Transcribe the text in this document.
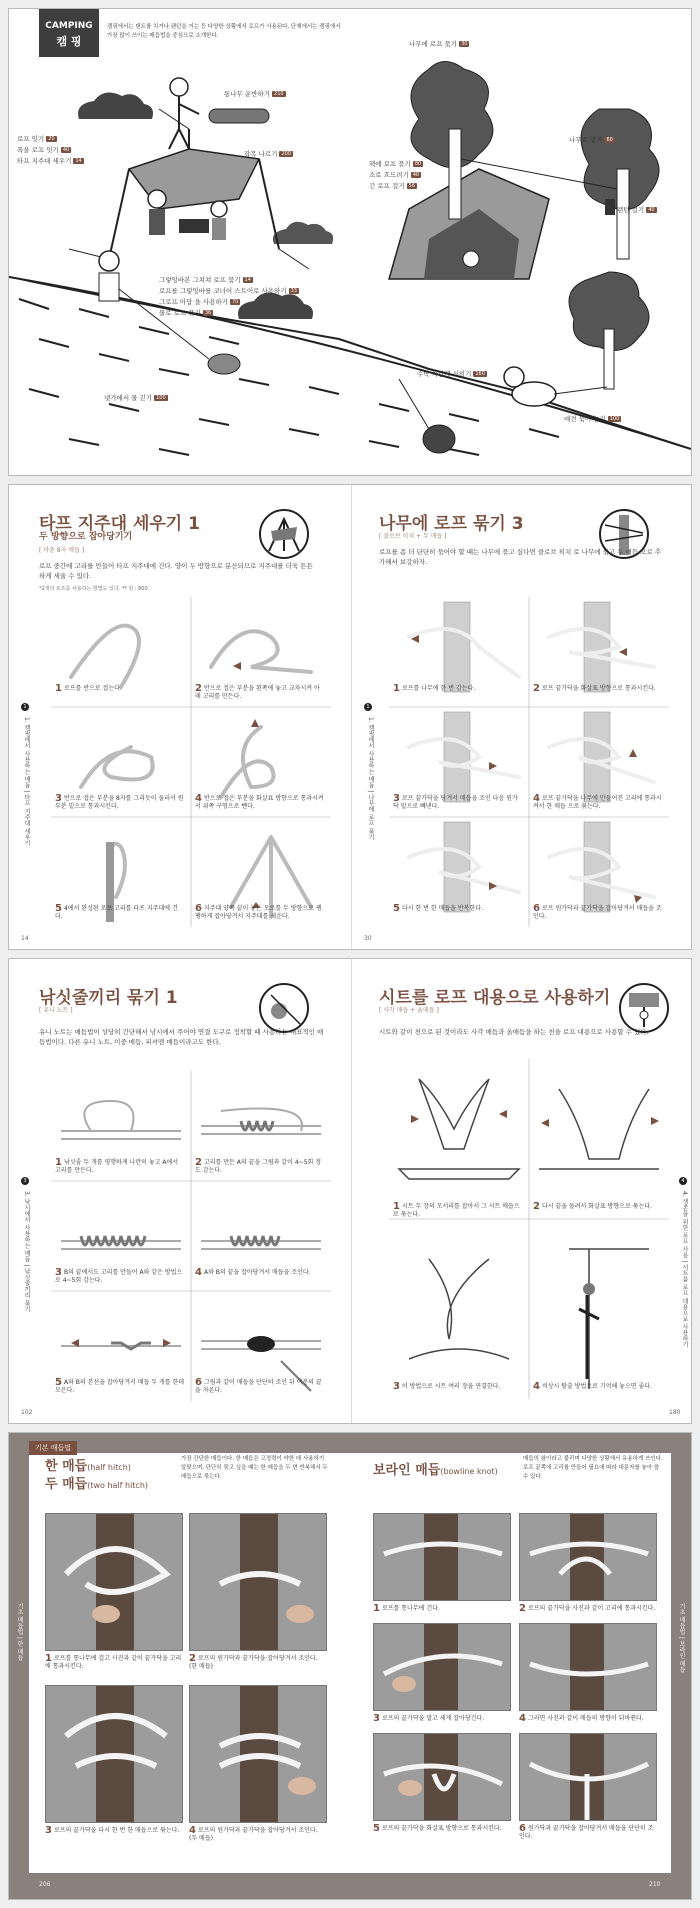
CAMPING
캠 핑
캠핑에서는 텐트를 치거나 랜턴을 거는 등 다양한 상황에서 로프가 사용된다. 단체에서는 캠핑에서 가장 많이 쓰이는 매듭법을 중심으로 소개한다.
통나무 운반하기 210
잡목 나르기 200
로프 잇기 20
폭을 로프 잇기 40
타프 지주대 세우기 14
그렇잉바본 그쳐쳐 로프 묶기 14
로프를 그렇잉바를 코너어 스트어로 사용하기 33
그로프 아답 을 사용하기 70
물로 로프 묶기 36
냇가에서 물 긷기 100
나무에 로프 묶기 30
나무로 묶기 60
팩에 로프 묶기 80
소로 흐드려기 40
긴 로프 걸기 56
랜턴 걸기 40
수박 차갑게 식히기 160
애견 묶어 놓기 100
타프 지주대 세우기 1
두 방향으로 잡아당기기
[ 마중 8자 매듭 ]
로프 중간에 고리를 만들어 타프 지주대에 건다. 양이 두 방향으로 분산되므로 지주대를 더욱 튼튼하게 세울 수 있다.
*2개의 로프를 사용하는 방법도 있다. ** 원 : 800.
1
1. 캠핑에서 사용하는 매듭 | 타프 지주대 세우기
1 로프를 반으로 접는다.	2 반으로 접은 부분을 왼쪽에 놓고 교차시켜 아래 고리를 만든다.
3 반으로 접은 부분을 8자를 그리듯이 둘러서 원 부분 밑으로 통과시킨다.
4 반으로 접은 부분을 화살표 방향으로 통과시켜서 위쪽 구멍으로 뺀다.
5 4에서 완성된 로프 고리를 타프 지주대에 건다.
6 지주대 양쪽 끝이 놓은 모로를 두 방향으로 팽팽하게 잡아당겨서 지주대를 세운다.
14
나무에 로프 묶기 3
[ 클로브 히치 + 두 매듭 ]
로프를 좀 더 단단히 묶어야 할 때는 나무에 묶고 싶다면 클로브 히치 로 나무에 묶고 두 매듭 으로 추가해서 보강하자.
1
1. 캠핑에서 사용하는 매듭 | 나무에 로프 묶기
1 로프를 나무에 한 번 감는다.	2 로프 끝가닥을 화살표 방향으로 통과시킨다.
3 로프 끝가닥을 당겨서 매듭을 조인 다음 원가닥 밑으로 빼낸다.
4 로프 끝가닥을 나무에 만들어진 고리에 통과시켜서 한 매듭 으로 묶는다.
5 다시 한 번 한 매듭을 반복한다.	6 로프 원가닥과 끝가닥을 잡아당겨서 매듭을 조인다.
30
낚싯줄끼리 묶기 1
[ 유니 노트 ]
유니 노트는 매듭법이 상당히 간단해서 낚시에서 주어야 연결 도구로 정착할 때 사용하는 대표적인 매듭법이다. 다른 유니 노트, 이중 매듭, 피셔맨 매듭이라고도 한다.
3
3. 낚시에서 사용하는 매듭 | 낚싯줄끼리 묶기
1 낚싯줄 두 개를 평행하게 나란히 놓고 A에서 고리를 만든다.
2 고리를 만든 A의 끝을 그림과 같이 4~5회 정도 감는다.
3 B의 끝에서도 고리를 만들어 A와 같은 방법으로 4~5회 감는다.
4 A와 B의 끝을 잡아당겨서 매듭을 조인다.
5 A와 B의 본선을 잡아당겨서 매듭 두 개를 한데 모은다.
6 그림과 같이 매듭을 단단히 조인 뒤 여분의 끝을 자른다.
102
시트를 로프 대용으로 사용하기
[ 사각 매듭 + 옭매듭 ]
시트와 같이 천으로 된 것이라도 사각 매듭과 옭매듭을 하는 천을 로프 대용으로 사용할 수 있다.
4
4. 생존을 위한 로프 사용 | 시트를 로프 대용으로 사용하기
1 시트 두 장의 모서리를 잡아서 그 시트 매듭으로 묶는다.
2 다시 끝을 돌려서 화살표 방향으로 묶는다.
3 이 방법으로 시트 여러 장을 연결한다.	4 비상시 탈출 방법으로 기억해 놓으면 좋다.
180
기본 매듭법
한 매듭(half hitch)
두 매듭(two half hitch)
가장 간단한 매듭이다. 한 매듭은 고정력이 약한 데 사용하기 알맞으며, 단단히 묶고 싶을 때는 한 매듭을 두 번 반복해서 두 매듭으로 묶는다.
기초 매듭법 | 한 매듭 1 로프를 통나무에 걸고 사진과 같이 끝가닥을 고리에 통과시킨다.
2 로프의 원가닥과 끝가닥을 잡아당겨서 조인다. (한 매듭)
3 로프의 끝가닥을 다시 한 번 한 매듭으로 묶는다. 4 로프의 원가닥과 끝가닥을 잡아당겨서 조인다. (두 매듭)
206
보라인 매듭(bowline knot)
매듭의 왕이라고 불리며 다양한 상황에서 유용하게 쓰인다. 로프 끝쪽에 고리를 만들어 필요에 따라 대문자를 놓아 쓸 수 있다.
기초 매듭법 | 보라인 매듭
1 로프를 통나무에 건다.	2 로프의 끝가닥을 사진과 같이 고리에 통과시킨다.
3 로프의 끝가닥을 말고 세게 잡아당긴다.	4 그러면 사진과 같이 매듭의 방향이 뒤바뀐다.
5 로프의 끝가닥을 화살표 방향으로 통과시킨다.	6 원가닥과 끝가닥을 잡아당겨서 매듭을 단단히 조인다.
210
